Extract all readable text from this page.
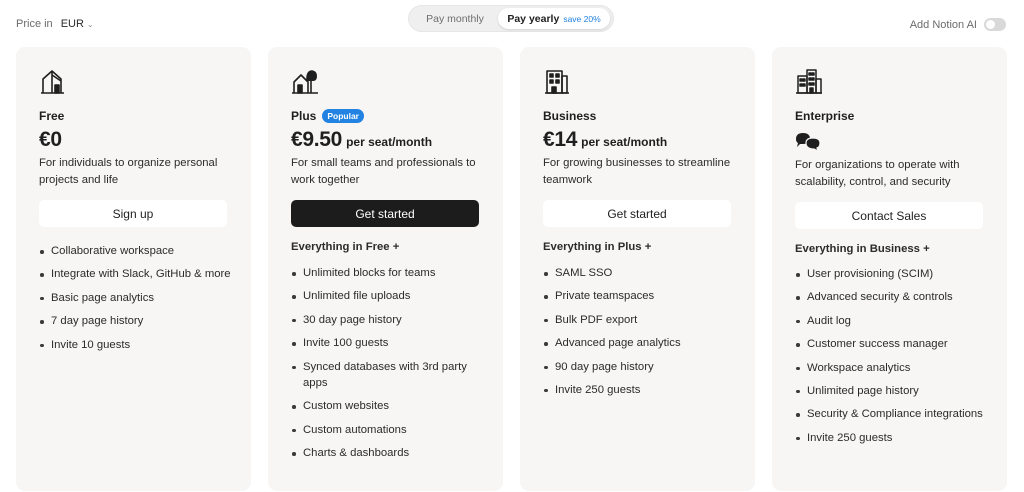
Price in EUR ⌄	Pay monthly Pay yearly save 20%	Add Notion AI
Free
€0
For individuals to organize personal projects and life
Sign up
Collaborative workspace
Integrate with Slack, GitHub & more
Basic page analytics
7 day page history
Invite 10 guests
Plus	Popular
€9.50 per seat/month
For small teams and professionals to work together
Get started
Everything in Free +
Unlimited blocks for teams
Unlimited file uploads
30 day page history
Invite 100 guests
Synced databases with 3rd party apps
Custom websites
Custom automations
Charts & dashboards
Business
€14 per seat/month
For growing businesses to streamline teamwork
Get started
Everything in Plus +
SAML SSO
Private teamspaces
Bulk PDF export
Advanced page analytics
90 day page history
Invite 250 guests
Enterprise
For organizations to operate with scalability, control, and security
Contact Sales
Everything in Business +
User provisioning (SCIM)
Advanced security & controls
Audit log
Customer success manager
Workspace analytics
Unlimited page history
Security & Compliance integrations
Invite 250 guests
